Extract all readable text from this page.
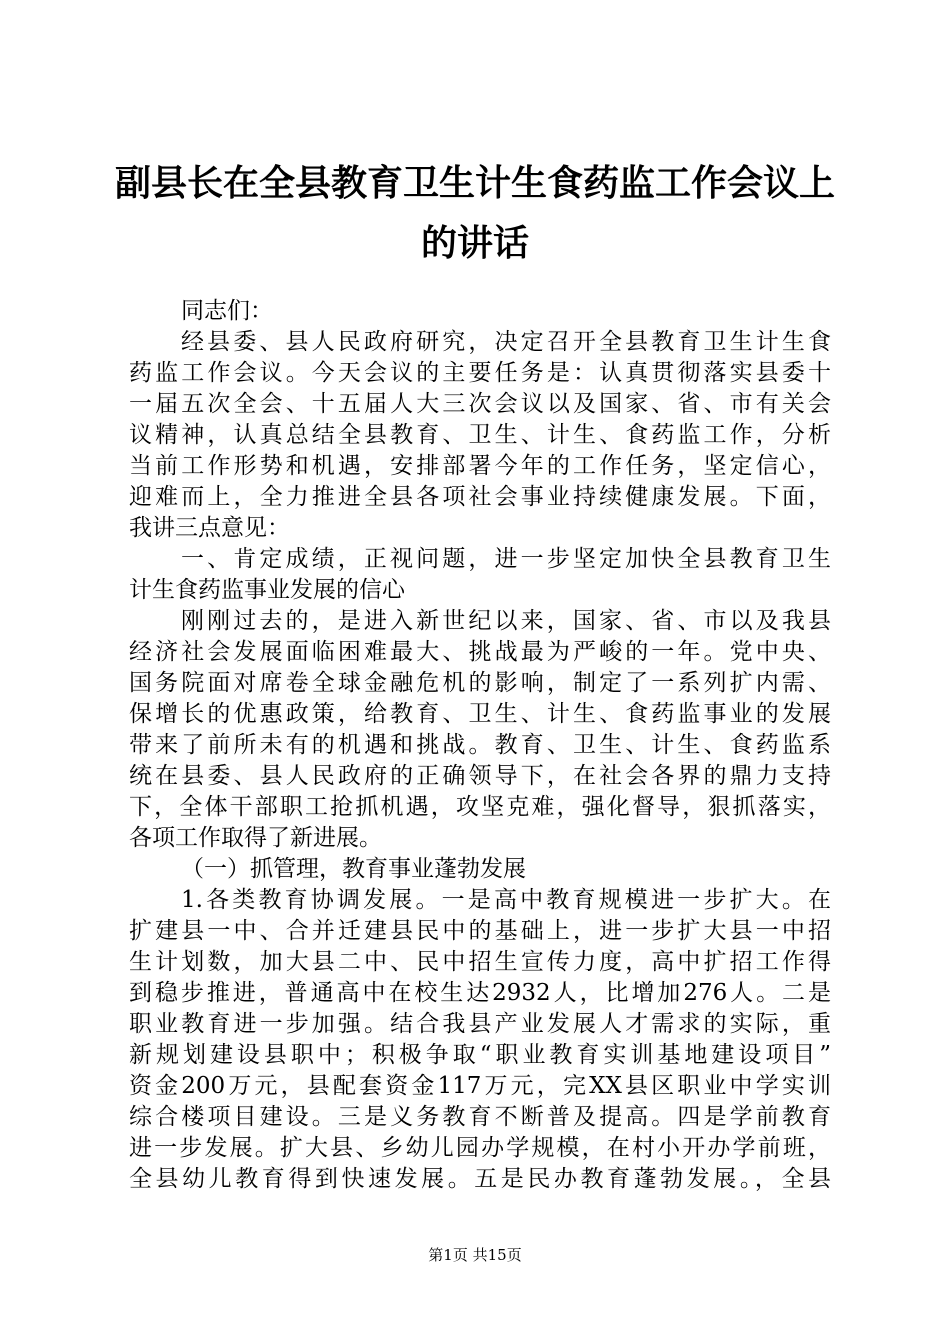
副县长在全县教育卫生计生食药监工作会议上
的讲话
同志们：
经县委、县人民政府研究，决定召开全县教育卫生计生食
药监工作会议。今天会议的主要任务是：认真贯彻落实县委十
一届五次全会、十五届人大三次会议以及国家、省、市有关会
议精神，认真总结全县教育、卫生、计生、食药监工作，分析
当前工作形势和机遇，安排部署今年的工作任务，坚定信心，
迎难而上，全力推进全县各项社会事业持续健康发展。下面，
我讲三点意见：
一、肯定成绩，正视问题，进一步坚定加快全县教育卫生
计生食药监事业发展的信心
刚刚过去的，是进入新世纪以来，国家、省、市以及我县
经济社会发展面临困难最大、挑战最为严峻的一年。党中央、
国务院面对席卷全球金融危机的影响，制定了一系列扩内需、
保增长的优惠政策，给教育、卫生、计生、食药监事业的发展
带来了前所未有的机遇和挑战。教育、卫生、计生、食药监系
统在县委、县人民政府的正确领导下，在社会各界的鼎力支持
下，全体干部职工抢抓机遇，攻坚克难，强化督导，狠抓落实，
各项工作取得了新进展。
（一）抓管理，教育事业蓬勃发展
1.各类教育协调发展。一是高中教育规模进一步扩大。在
扩建县一中、合并迁建县民中的基础上，进一步扩大县一中招
生计划数，加大县二中、民中招生宣传力度，高中扩招工作得
到稳步推进，普通高中在校生达2932人，比增加276人。二是
职业教育进一步加强。结合我县产业发展人才需求的实际，重
新规划建设县职中；积极争取“职业教育实训基地建设项目”
资金200万元，县配套资金117万元，完XX县区职业中学实训
综合楼项目建设。三是义务教育不断普及提高。四是学前教育
进一步发展。扩大县、乡幼儿园办学规模，在村小开办学前班，
全县幼儿教育得到快速发展。五是民办教育蓬勃发展。，全县
第1页 共15页
